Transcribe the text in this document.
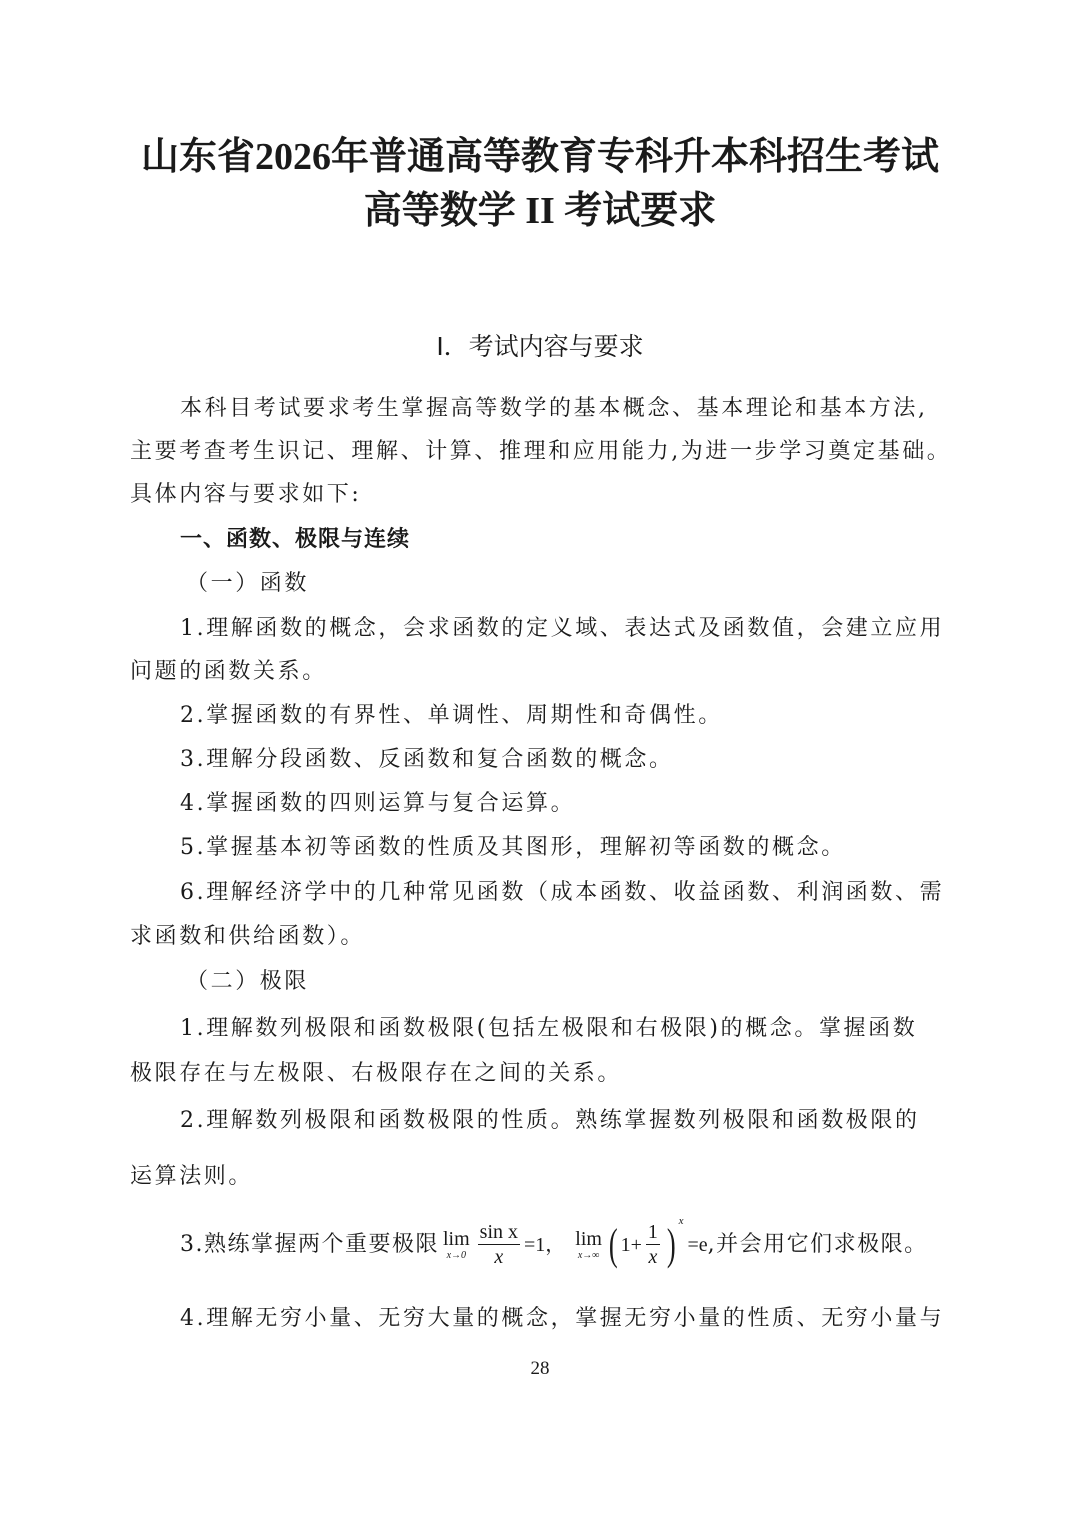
山东省2026年普通高等教育专科升本科招生考试
高等数学 II 考试要求
I．考试内容与要求
本科目考试要求考生掌握高等数学的基本概念、基本理论和基本方法,
主要考查考生识记、理解、计算、推理和应用能力,为进一步学习奠定基础。
具体内容与要求如下:
一、函数、极限与连续
（一）函数
1.理解函数的概念，会求函数的定义域、表达式及函数值，会建立应用
问题的函数关系。
2.掌握函数的有界性、单调性、周期性和奇偶性。
3.理解分段函数、反函数和复合函数的概念。
4.掌握函数的四则运算与复合运算。
5.掌握基本初等函数的性质及其图形，理解初等函数的概念。
6.理解经济学中的几种常见函数（成本函数、收益函数、利润函数、需
求函数和供给函数）。
（二）极限
1.理解数列极限和函数极限(包括左极限和右极限)的概念。掌握函数
极限存在与左极限、右极限存在之间的关系。
2.理解数列极限和函数极限的性质。熟练掌握数列极限和函数极限的
运算法则。
3.熟练掌握两个重要极限 lim
$x\to 0 \frac{\text{sin x}}{x} =1$， lim
x→∞ ( $1+ \frac{1}{x}$ ) x
=e ,并会用它们求极限。
4.理解无穷小量、无穷大量的概念，掌握无穷小量的性质、无穷小量与
28
